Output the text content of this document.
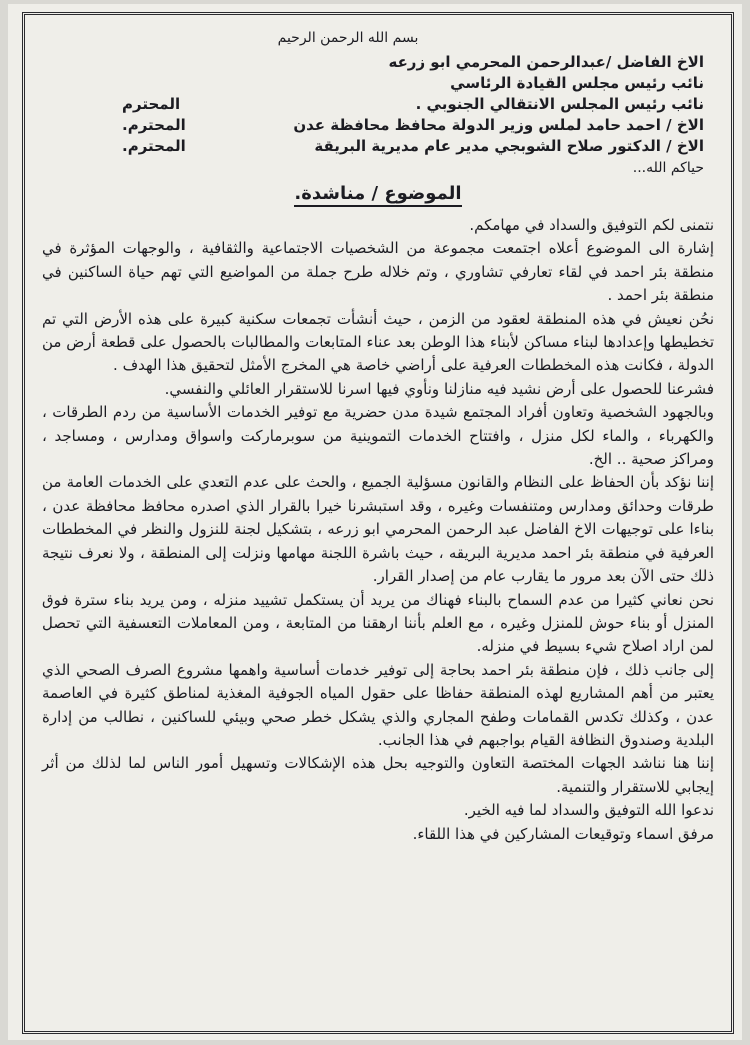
بسم الله الرحمن الرحيم
الاخ الفاضل /عبدالرحمن المحرمي ابو زرعه
نائب رئيس مجلس القيادة الرئاسي
نائب رئيس المجلس الانتقالي الجنوبي .
المحترم
الاخ / احمد حامد لملس وزير الدولة محافظ محافظة عدن
المحترم.
الاخ / الدكتور صلاح الشوبجي مدير عام مديرية البريقة
المحترم.
حياكم الله...
الموضوع / مناشدة.

نتمنى لكم التوفيق والسداد في مهامكم.

إشارة الى الموضوع أعلاه اجتمعت مجموعة من الشخصيات الاجتماعية والثقافية ، والوجهات المؤثرة في منطقة بئر احمد في لقاء تعارفي تشاوري ، وتم خلاله طرح جملة من المواضيع التي تهم حياة الساكنين في منطقة بئر احمد .

نحُن نعيش في هذه المنطقة لعقود من الزمن ، حيث أنشأت تجمعات سكنية كبيرة على هذه الأرض التي تم تخطيطها وإعدادها لبناء مساكن لأبناء هذا الوطن بعد عناء المتابعات والمطالبات بالحصول على قطعة أرض من الدولة ، فكانت هذه المخططات العرفية على أراضي خاصة هي المخرج الأمثل لتحقيق هذا الهدف .

فشرعنا للحصول على أرض نشيد فيه منازلنا ونأوي فيها اسرنا للاستقرار العائلي والنفسي.

وبالجهود الشخصية وتعاون أفراد المجتمع شيدة مدن حضرية مع توفير الخدمات الأساسية من ردم الطرقات ، والكهرباء ، والماء لكل منزل ، وافتتاح الخدمات التموينية من سوبرماركت واسواق ومدارس ، ومساجد ، ومراكز صحية .. الخ.

إننا نؤكد بأن الحفاظ على النظام والقانون مسؤلية الجميع ، والحث على عدم التعدي على الخدمات العامة من طرقات وحدائق ومدارس ومتنفسات وغيره ، وقد استبشرنا خيرا بالقرار الذي اصدره محافظ محافظة عدن ، بناءا على توجيهات الاخ الفاضل عبد الرحمن المحرمي ابو زرعه ، بتشكيل لجنة للنزول والنظر في المخططات العرفية في منطقة بئر احمد مديرية البريقه ، حيث باشرة اللجنة مهامها ونزلت إلى المنطقة ، ولا نعرف نتيجة ذلك حتى الآن بعد مرور ما يقارب عام من إصدار القرار.

نحن نعاني كثيرا من عدم السماح بالبناء فهناك من يريد أن يستكمل تشييد منزله ، ومن يريد بناء سترة فوق المنزل أو بناء حوش للمنزل وغيره ، مع العلم بأننا ارهقنا من المتابعة ، ومن المعاملات التعسفية التي تحصل لمن اراد اصلاح شيء بسيط في منزله.

إلى جانب ذلك ، فإن منطقة بئر احمد بحاجة إلى توفير خدمات أساسية واهمها مشروع الصرف الصحي الذي يعتبر من أهم المشاريع لهذه المنطقة حفاظا على حقول المياه الجوفية المغذية لمناطق كثيرة في العاصمة عدن ، وكذلك تكدس القمامات وطفح المجاري والذي يشكل خطر صحي وبيئي للساكنين ، نطالب من إدارة البلدية وصندوق النظافة القيام بواجبهم في هذا الجانب.

إننا هنا نناشد الجهات المختصة التعاون والتوجيه بحل هذه الإشكالات وتسهيل أمور الناس لما لذلك من أثر إيجابي للاستقرار والتنمية.

ندعوا الله التوفيق والسداد لما فيه الخير.

مرفق اسماء وتوقيعات المشاركين في هذا اللقاء.
